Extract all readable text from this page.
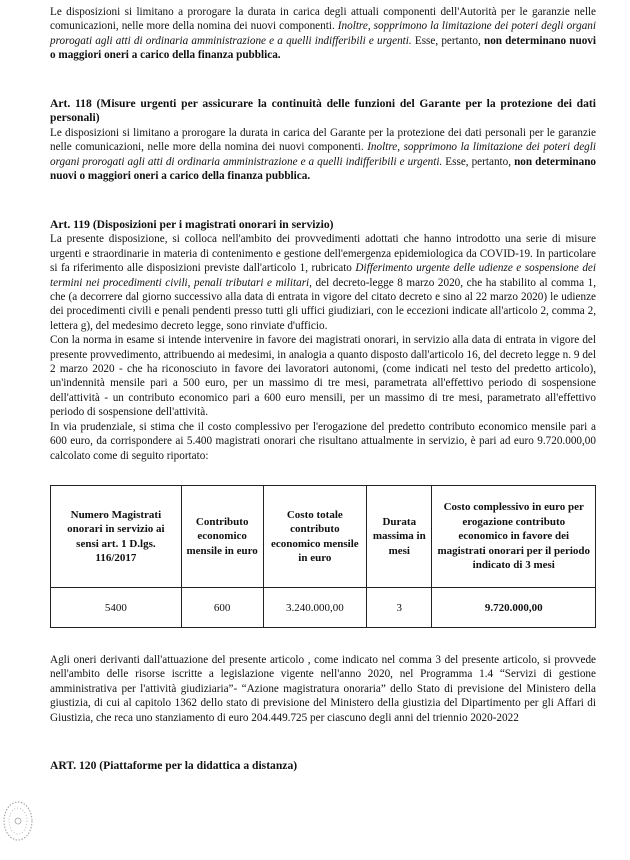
Le disposizioni si limitano a prorogare la durata in carica degli attuali componenti dell'Autorità per le garanzie nelle comunicazioni, nelle more della nomina dei nuovi componenti. Inoltre, sopprimono la limitazione dei poteri degli organi prorogati agli atti di ordinaria amministrazione e a quelli indifferibili e urgenti. Esse, pertanto, non determinano nuovi o maggiori oneri a carico della finanza pubblica.

Art. 118 (Misure urgenti per assicurare la continuità delle funzioni del Garante per la protezione dei dati personali)

Le disposizioni si limitano a prorogare la durata in carica del Garante per la protezione dei dati personali per le garanzie nelle comunicazioni, nelle more della nomina dei nuovi componenti. Inoltre, sopprimono la limitazione dei poteri degli organi prorogati agli atti di ordinaria amministrazione e a quelli indifferibili e urgenti. Esse, pertanto, non determinano nuovi o maggiori oneri a carico della finanza pubblica.

Art. 119 (Disposizioni per i magistrati onorari in servizio)

La presente disposizione, si colloca nell'ambito dei provvedimenti adottati che hanno introdotto una serie di misure urgenti e straordinarie in materia di contenimento e gestione dell'emergenza epidemiologica da COVID-19. In particolare si fa riferimento alle disposizioni previste dall'articolo 1, rubricato Differimento urgente delle udienze e sospensione dei termini nei procedimenti civili, penali tributari e militari, del decreto-legge 8 marzo 2020, che ha stabilito al comma 1, che (a decorrere dal giorno successivo alla data di entrata in vigore del citato decreto e sino al 22 marzo 2020) le udienze dei procedimenti civili e penali pendenti presso tutti gli uffici giudiziari, con le eccezioni indicate all'articolo 2, comma 2, lettera g), del medesimo decreto legge, sono rinviate d'ufficio.

Con la norma in esame si intende intervenire in favore dei magistrati onorari, in servizio alla data di entrata in vigore del presente provvedimento, attribuendo ai medesimi, in analogia a quanto disposto dall'articolo 16, del decreto legge n. 9 del 2 marzo 2020 - che ha riconosciuto in favore dei lavoratori autonomi, (come indicati nel testo del predetto articolo), un'indennità mensile pari a 500 euro, per un massimo di tre mesi, parametrata all'effettivo periodo di sospensione dell'attività - un contributo economico pari a 600 euro mensili, per un massimo di tre mesi, parametrato all'effettivo periodo di sospensione dell'attività.

In via prudenziale, si stima che il costo complessivo per l'erogazione del predetto contributo economico mensile pari a 600 euro, da corrispondere ai 5.400 magistrati onorari che risultano attualmente in servizio, è pari ad euro 9.720.000,00 calcolato come di seguito riportato:

Numero Magistrati onorari in servizio ai sensi art. 1 D.lgs. 116/2017	Contributo economico mensile in euro	Costo totale contributo economico mensile in euro	Durata massima in mesi	Costo complessivo in euro per erogazione contributo economico in favore dei magistrati onorari per il periodo indicato di 3 mesi
5400	600	3.240.000,00	3	9.720.000,00

Agli oneri derivanti dall'attuazione del presente articolo , come indicato nel comma 3 del presente articolo, si provvede nell'ambito delle risorse iscritte a legislazione vigente nell'anno 2020, nel Programma 1.4 “Servizi di gestione amministrativa per l'attività giudiziaria”- “Azione magistratura onoraria” dello Stato di previsione del Ministero della giustizia, di cui al capitolo 1362 dello stato di previsione del Ministero della giustizia del Dipartimento per gli Affari di Giustizia, che reca uno stanziamento di euro 204.449.725 per ciascuno degli anni del triennio 2020-2022

ART. 120 (Piattaforme per la didattica a distanza)
